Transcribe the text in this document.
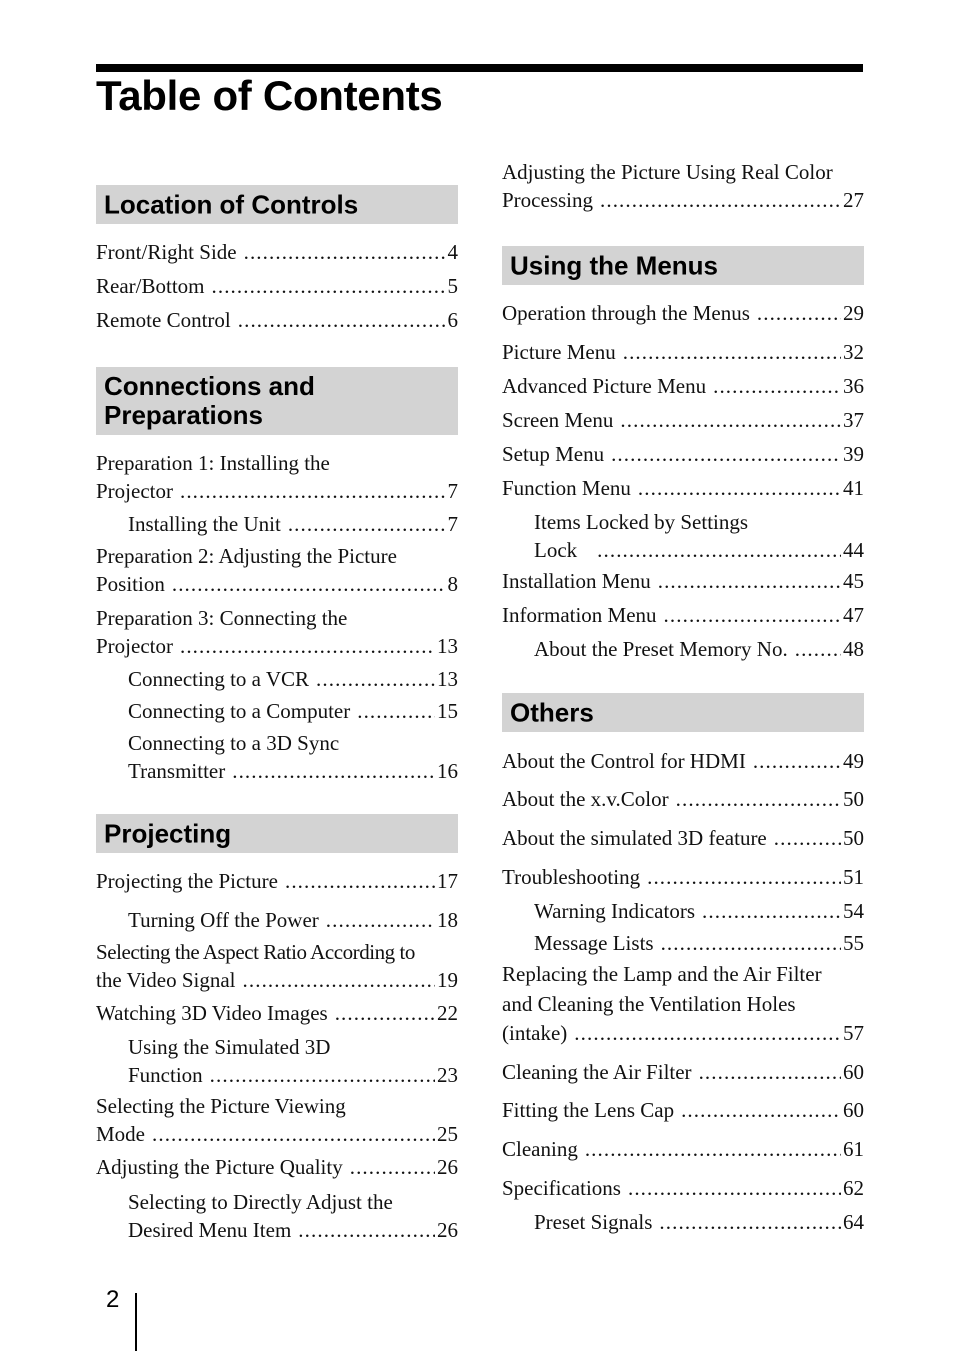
Table of Contents
Location of Controls
Front/Right Side .....	4
Rear/Bottom .....	5
Remote Control .....	6
Connections and
Preparations
Preparation 1: Installing the
Projector .....	7
Installing the Unit .....	7
Preparation 2: Adjusting the Picture
Position .....	8
Preparation 3: Connecting the
Projector .....	13
Connecting to a VCR .....	13
Connecting to a Computer .....	15
Connecting to a 3D Sync
Transmitter .....	16
Projecting
Projecting the Picture .....	17
Turning Off the Power .....	18
Selecting the Aspect Ratio According to
the Video Signal .....	19
Watching 3D Video Images .....	22
Using the Simulated 3D
Function .....	23
Selecting the Picture Viewing
Mode .....	25
Adjusting the Picture Quality .....	26
Selecting to Directly Adjust the
Desired Menu Item .....	26
Adjusting the Picture Using Real Color
Processing .....	27
Using the Menus
Operation through the Menus .....	29
Picture Menu .....	32
Advanced Picture Menu .....	36
Screen Menu .....	37
Setup Menu .....	39
Function Menu .....	41
Items Locked by Settings
Lock .....	44
Installation Menu .....	45
Information Menu .....	47
About the Preset Memory No. .....	48
Others
About the Control for HDMI .....	49
About the x.v.Color .....	50
About the simulated 3D feature .....	50
Troubleshooting .....	51
Warning Indicators .....	54
Message Lists .....	55
Replacing the Lamp and the Air Filter
and Cleaning the Ventilation Holes
(intake) .....	57
Cleaning the Air Filter .....	60
Fitting the Lens Cap .....	60
Cleaning .....	61
Specifications .....	62
Preset Signals .....	64
2
